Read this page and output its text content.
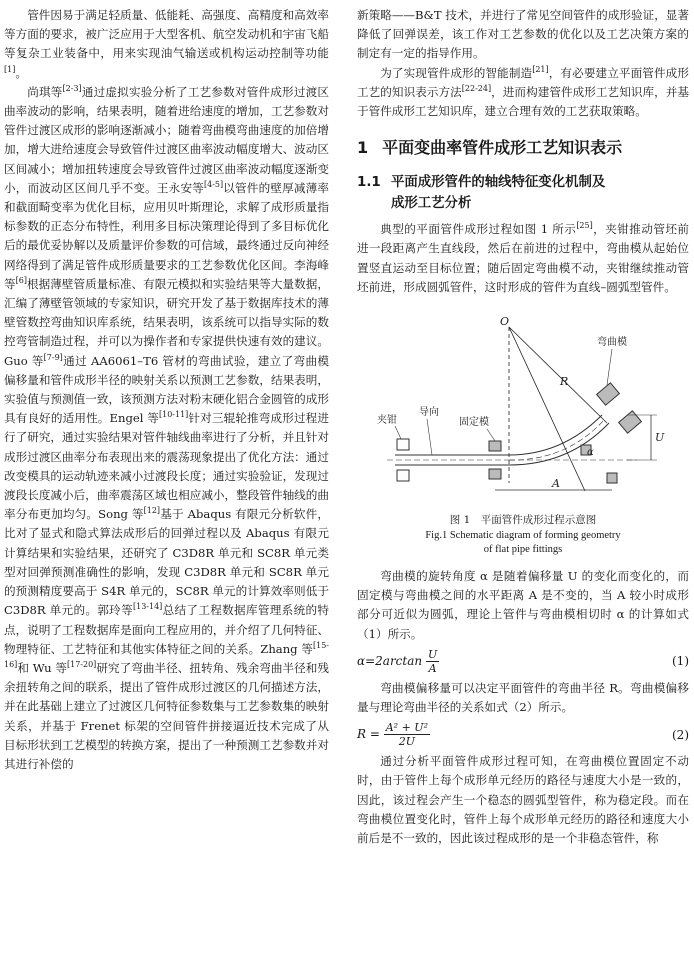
管件因易于满足轻质量、低能耗、高强度、高精度和高效率等方面的要求，被广泛应用于大型客机、航空发动机和宇宙飞船等复杂工业装备中，用来实现油气输送或机构运动控制等功能[1]。

尚琪等[2-3]通过虚拟实验分析了工艺参数对管件成形过渡区曲率波动的影响，结果表明，随着进给速度的增加，工艺参数对管件过渡区成形的影响逐渐减小；随着弯曲模弯曲速度的加倍增加，增大进给速度会导致管件过渡区曲率波动幅度增大、波动区区间减小；增加扭转速度会导致管件过渡区曲率波动幅度逐渐变小，而波动区区间几乎不变。王永安等[4-5]以管件的壁厚减薄率和截面畸变率为优化目标，应用贝叶斯理论，求解了成形质量指标参数的正态分布特性，利用多目标决策理论得到了多目标优化后的最优妥协解以及质量评价参数的可信域，最终通过反向神经网络得到了满足管件成形质量要求的工艺参数优化区间。李海峰等[6]根据薄壁管质量标准、有限元模拟和实验结果等大量数据，汇编了薄壁管领域的专家知识，研究开发了基于数据库技术的薄壁管数控弯曲知识库系统，结果表明，该系统可以指导实际的数控弯管制造过程，并可以为操作者和专家提供快速有效的建议。Guo 等[7-9]通过 AA6061–T6 管材的弯曲试验，建立了弯曲模偏移量和管件成形半径的映射关系以预测工艺参数，结果表明，实验值与预测值一致，该预测方法对粉末硬化铝合金圆管的成形具有良好的适用性。Engel 等[10-11]针对三辊轮推弯成形过程进行了研究，通过实验结果对管件轴线曲率进行了分析，并且针对成形过渡区曲率分布表现出来的震荡现象提出了优化方法：通过改变模具的运动轨迹来减小过渡段长度；通过实验验证，发现过渡段长度减小后，曲率震荡区域也相应减小，整段管件轴线的曲率分布更加均匀。Song 等[12]基于 Abaqus 有限元分析软件，比对了显式和隐式算法成形后的回弹过程以及 Abaqus 有限元计算结果和实验结果，还研究了 C3D8R 单元和 SC8R 单元类型对回弹预测准确性的影响，发现 C3D8R 单元和 SC8R 单元的预测精度要高于 S4R 单元的，SC8R 单元的计算效率则低于 C3D8R 单元的。郭玲等[13-14]总结了工程数据库管理系统的特点，说明了工程数据库是面向工程应用的，并介绍了几何特征、物理特征、工艺特征和其他实体特征之间的关系。Zhang 等[15-16]和 Wu 等[17-20]研究了弯曲半径、扭转角、残余弯曲半径和残余扭转角之间的联系，提出了管件成形过渡区的几何描述方法，并在此基础上建立了过渡区几何特征参数集与工艺参数集的映射关系，并基于 Frenet 标架的空间管件拼接逼近技术完成了从目标形状到工艺模型的转换方案，提出了一种预测工艺参数并对其进行补偿的

新策略——B&T 技术，并进行了常见空间管件的成形验证，显著降低了回弹误差，该工作对工艺参数的优化以及工艺决策方案的制定有一定的指导作用。

为了实现管件成形的智能制造[21]，有必要建立平面管件成形工艺的知识表示方法[22-24]，进而构建管件成形工艺知识库，并基于管件成形工艺知识库，建立合理有效的工艺获取策略。

1 平面变曲率管件成形工艺知识表示
1.1 平面成形管件的轴线特征变化机制及
成形工艺分析

典型的平面管件成形过程如图 1 所示[25]，夹钳推动管坯前进一段距离产生直线段，然后在前进的过程中，弯曲模从起始位置竖直运动至目标位置；随后固定弯曲模不动，夹钳继续推动管坯前进，形成圆弧管件，这时形成的管件为直线–圆弧型管件。

O
R
U
A
α
弯曲模
夹钳
导向
固定模
图 1　平面管件成形过程示意图
Fig.1 Schematic diagram of forming geometry
of flat pipe fittings

弯曲模的旋转角度 α 是随着偏移量 U 的变化而变化的，而固定模与弯曲模之间的水平距离 A 是不变的，当 A 较小时成形部分可近似为圆弧，理论上管件与弯曲模相切时 α 的计算如式（1）所示。

$\alpha=2\arctan \frac{U}{A}$	(1)

弯曲模偏移量可以决定平面管件的弯曲半径 R。弯曲模偏移量与理论弯曲半径的关系如式（2）所示。

$R = \frac{\text{A² + U²}}{2U}$	(2)

通过分析平面管件成形过程可知，在弯曲模位置固定不动时，由于管件上每个成形单元经历的路径与速度大小是一致的，因此，该过程会产生一个稳态的圆弧型管件，称为稳定段。而在弯曲模位置变化时，管件上每个成形单元经历的路径和速度大小前后是不一致的，因此该过程成形的是一个非稳态管件，称
